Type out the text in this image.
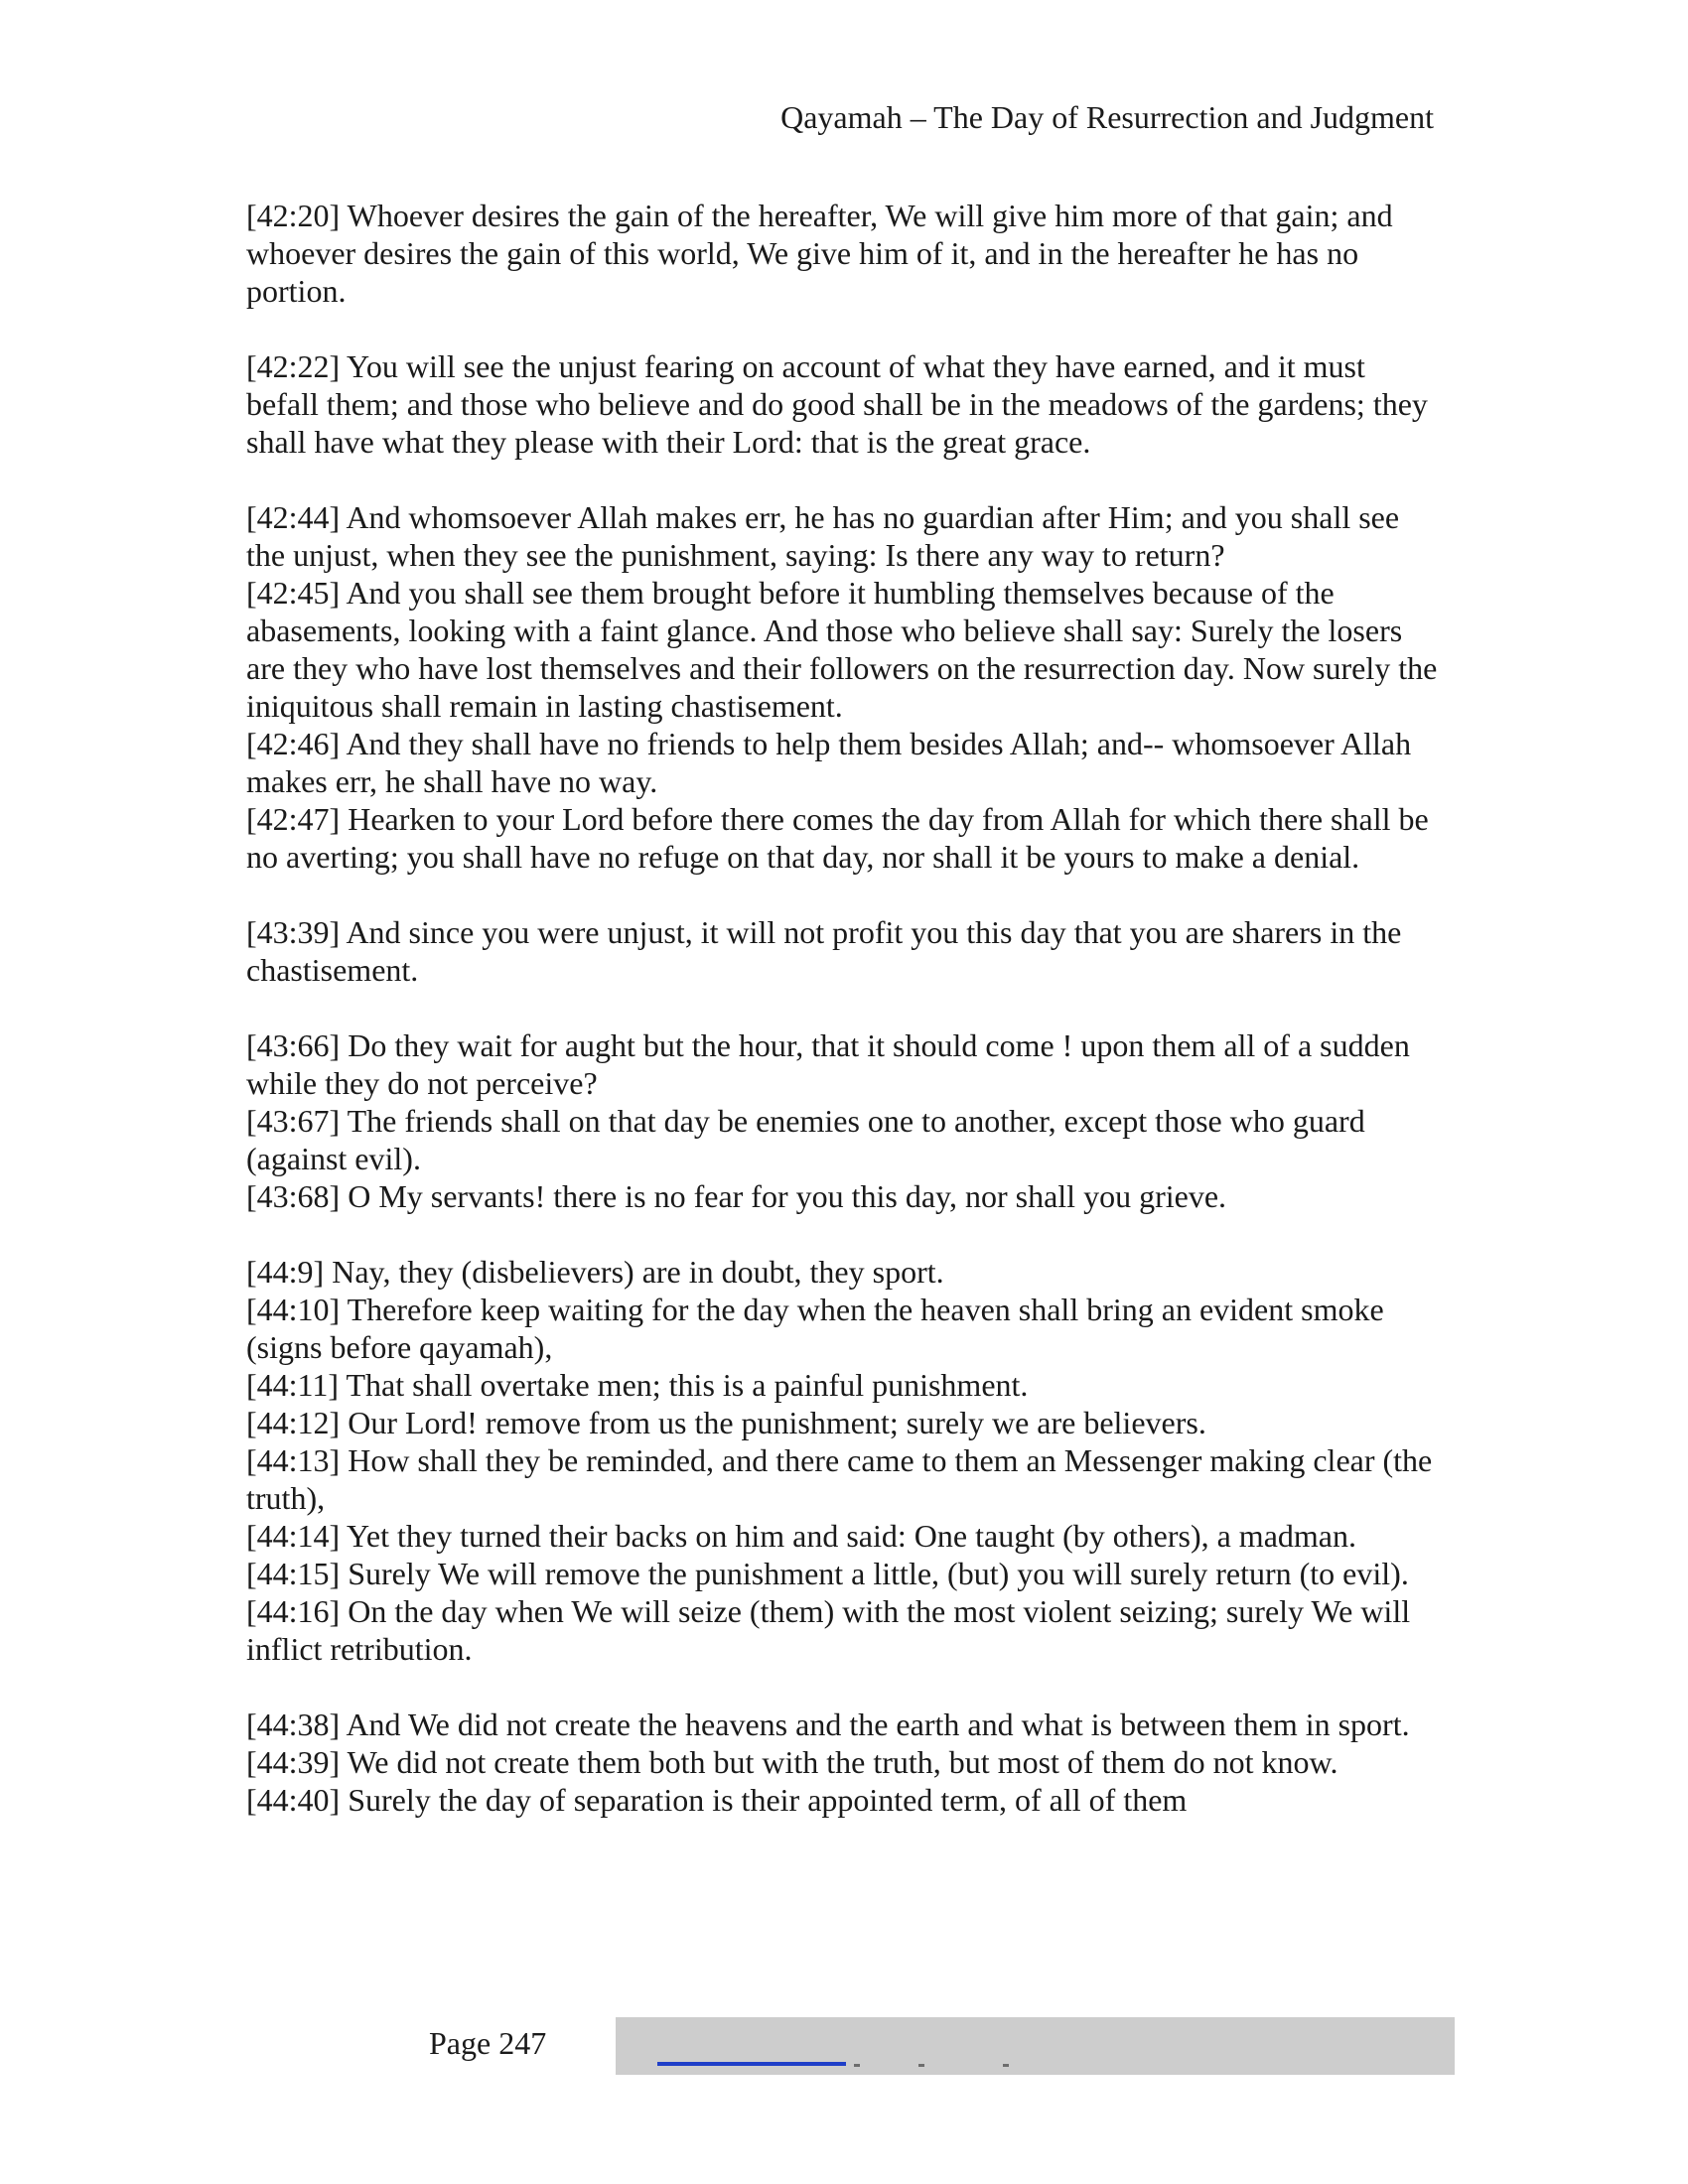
Qayamah – The Day of Resurrection and Judgment

[42:20] Whoever desires the gain of the hereafter, We will give him more of that gain; and whoever desires the gain of this world, We give him of it, and in the hereafter he has no portion.

[42:22] You will see the unjust fearing on account of what they have earned, and it must befall them; and those who believe and do good shall be in the meadows of the gardens; they shall have what they please with their Lord: that is the great grace.

[42:44] And whomsoever Allah makes err, he has no guardian after Him; and you shall see the unjust, when they see the punishment, saying: Is there any way to return?

[42:45] And you shall see them brought before it humbling themselves because of the abasements, looking with a faint glance. And those who believe shall say: Surely the losers are they who have lost themselves and their followers on the resurrection day. Now surely the iniquitous shall remain in lasting chastisement.

[42:46] And they shall have no friends to help them besides Allah; and-- whomsoever Allah makes err, he shall have no way.

[42:47] Hearken to your Lord before there comes the day from Allah for which there shall be no averting; you shall have no refuge on that day, nor shall it be yours to make a denial.

[43:39] And since you were unjust, it will not profit you this day that you are sharers in the chastisement.

[43:66] Do they wait for aught but the hour, that it should come ! upon them all of a sudden while they do not perceive?

[43:67] The friends shall on that day be enemies one to another, except those who guard (against evil).

[43:68] O My servants! there is no fear for you this day, nor shall you grieve.

[44:9] Nay, they (disbelievers) are in doubt, they sport.

[44:10] Therefore keep waiting for the day when the heaven shall bring an evident smoke (signs before qayamah),

[44:11] That shall overtake men; this is a painful punishment.

[44:12] Our Lord! remove from us the punishment; surely we are believers.

[44:13] How shall they be reminded, and there came to them an Messenger making clear (the truth),

[44:14] Yet they turned their backs on him and said: One taught (by others), a madman.

[44:15] Surely We will remove the punishment a little, (but) you will surely return (to evil).

[44:16] On the day when We will seize (them) with the most violent seizing; surely We will inflict retribution.

[44:38] And We did not create the heavens and the earth and what is between them in sport.

[44:39] We did not create them both but with the truth, but most of them do not know.

[44:40] Surely the day of separation is their appointed term, of all of them

Page 247
